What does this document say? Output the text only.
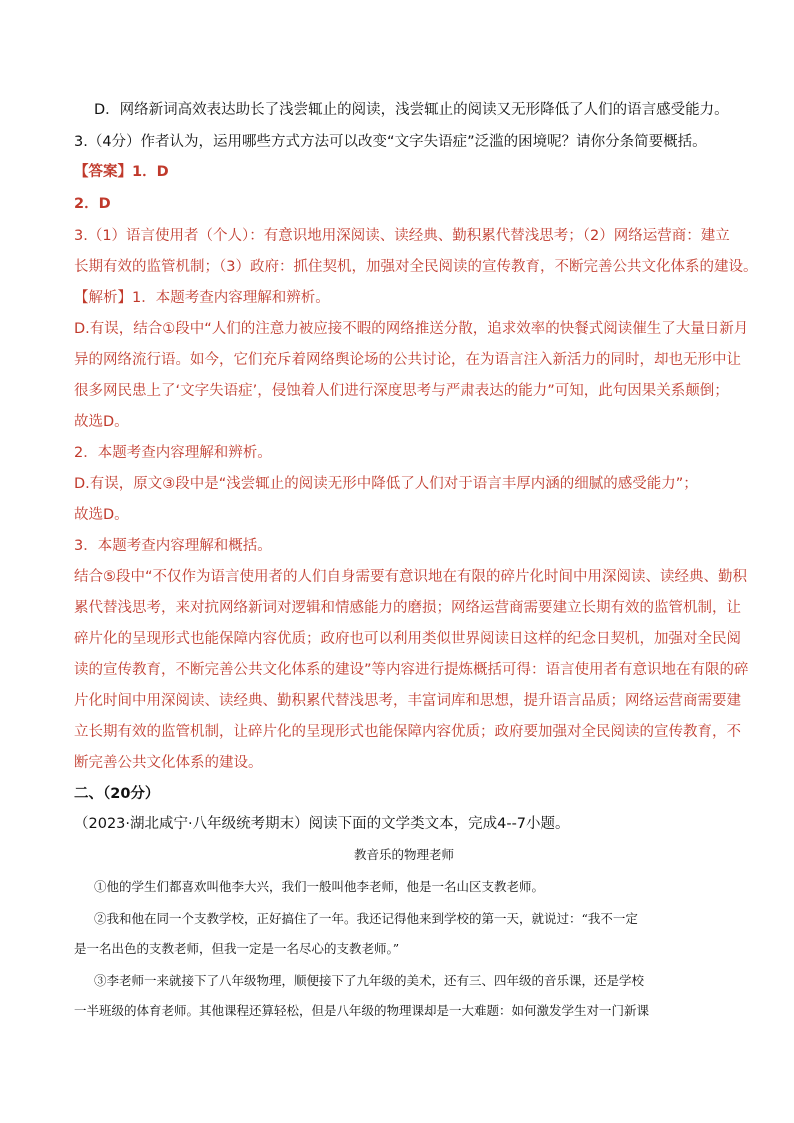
D．网络新词高效表达助长了浅尝辄止的阅读，浅尝辄止的阅读又无形降低了人们的语言感受能力。
3.（4分）作者认为，运用哪些方式方法可以改变“文字失语症”泛滥的困境呢？请你分条简要概括。
【答案】1．D
2．D
3.（1）语言使用者（个人）：有意识地用深阅读、读经典、勤积累代替浅思考；（2）网络运营商：建立
长期有效的监管机制；（3）政府：抓住契机，加强对全民阅读的宣传教育，不断完善公共文化体系的建设。
【解析】1．本题考查内容理解和辨析。
D.有误，结合①段中“人们的注意力被应接不暇的网络推送分散，追求效率的快餐式阅读催生了大量日新月
异的网络流行语。如今，它们充斥着网络舆论场的公共讨论，在为语言注入新活力的同时，却也无形中让
很多网民患上了‘文字失语症’，侵蚀着人们进行深度思考与严肃表达的能力”可知，此句因果关系颠倒；
故选D。
2．本题考查内容理解和辨析。
D.有误，原文③段中是“浅尝辄止的阅读无形中降低了人们对于语言丰厚内涵的细腻的感受能力”；
故选D。
3．本题考查内容理解和概括。
结合⑤段中“不仅作为语言使用者的人们自身需要有意识地在有限的碎片化时间中用深阅读、读经典、勤积
累代替浅思考，来对抗网络新词对逻辑和情感能力的磨损；网络运营商需要建立长期有效的监管机制，让
碎片化的呈现形式也能保障内容优质；政府也可以利用类似世界阅读日这样的纪念日契机，加强对全民阅
读的宣传教育，不断完善公共文化体系的建设”等内容进行提炼概括可得：语言使用者有意识地在有限的碎
片化时间中用深阅读、读经典、勤积累代替浅思考，丰富词库和思想，提升语言品质；网络运营商需要建
立长期有效的监管机制，让碎片化的呈现形式也能保障内容优质；政府要加强对全民阅读的宣传教育，不
断完善公共文化体系的建设。
二、（20分）
（2023·湖北咸宁·八年级统考期末）阅读下面的文学类文本，完成4--7小题。
教音乐的物理老师
①他的学生们都喜欢叫他李大兴，我们一般叫他李老师，他是一名山区支教老师。
②我和他在同一个支教学校，正好搞住了一年。我还记得他来到学校的第一天，就说过：“我不一定
是一名出色的支教老师，但我一定是一名尽心的支教老师。”
③李老师一来就接下了八年级物理，顺便接下了九年级的美术，还有三、四年级的音乐课，还是学校
一半班级的体育老师。其他课程还算轻松，但是八年级的物理课却是一大难题：如何激发学生对一门新课
